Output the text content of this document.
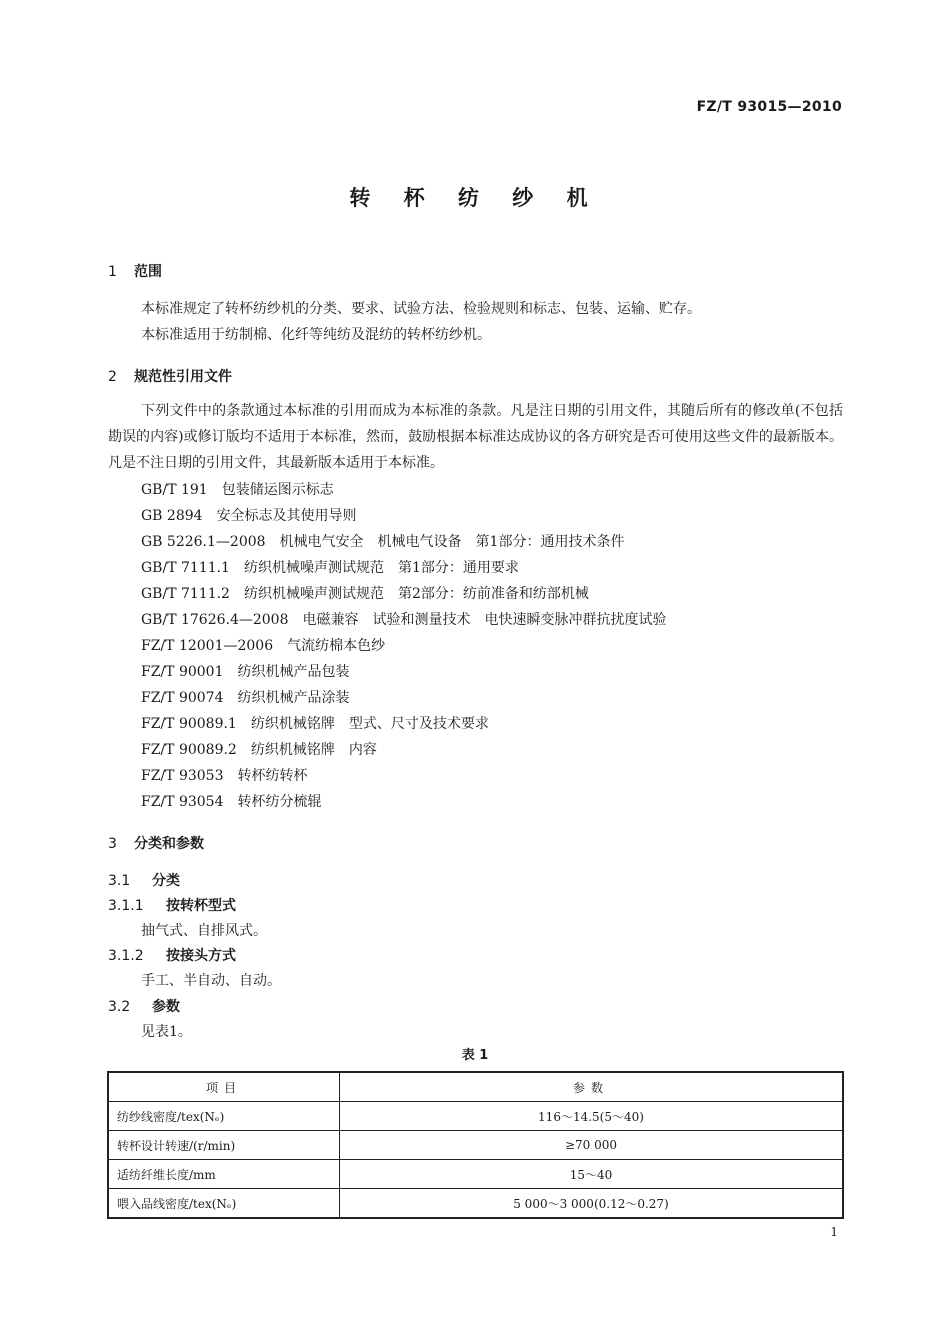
FZ/T 93015—2010
转 杯 纺 纱 机
1 范围
本标准规定了转杯纺纱机的分类、要求、试验方法、检验规则和标志、包装、运输、贮存。
本标准适用于纺制棉、化纤等纯纺及混纺的转杯纺纱机。
2 规范性引用文件
下列文件中的条款通过本标准的引用而成为本标准的条款。凡是注日期的引用文件，其随后所有的修改单(不包括勘误的内容)或修订版均不适用于本标准，然而，鼓励根据本标准达成协议的各方研究是否可使用这些文件的最新版本。凡是不注日期的引用文件，其最新版本适用于本标准。
GB/T 191 包装储运图示标志
GB 2894 安全标志及其使用导则
GB 5226.1—2008 机械电气安全　机械电气设备　第1部分：通用技术条件
GB/T 7111.1 纺织机械噪声测试规范　第1部分：通用要求
GB/T 7111.2 纺织机械噪声测试规范　第2部分：纺前准备和纺部机械
GB/T 17626.4—2008 电磁兼容　试验和测量技术　电快速瞬变脉冲群抗扰度试验
FZ/T 12001—2006 气流纺棉本色纱
FZ/T 90001 纺织机械产品包装
FZ/T 90074 纺织机械产品涂装
FZ/T 90089.1 纺织机械铭牌　型式、尺寸及技术要求
FZ/T 90089.2 纺织机械铭牌　内容
FZ/T 93053 转杯纺转杯
FZ/T 93054 转杯纺分梳辊
3 分类和参数
3.1 分类
3.1.1 按转杯型式
抽气式、自排风式。
3.1.2 按接头方式
手工、半自动、自动。
3.2 参数
见表1。
表 1
项目	参数
纺纱线密度/tex(Nₑ)	116～14.5(5～40)
转杯设计转速/(r/min)	≥70 000
适纺纤维长度/mm	15～40
喂入品线密度/tex(Nₑ)	5 000～3 000(0.12～0.27)
1
